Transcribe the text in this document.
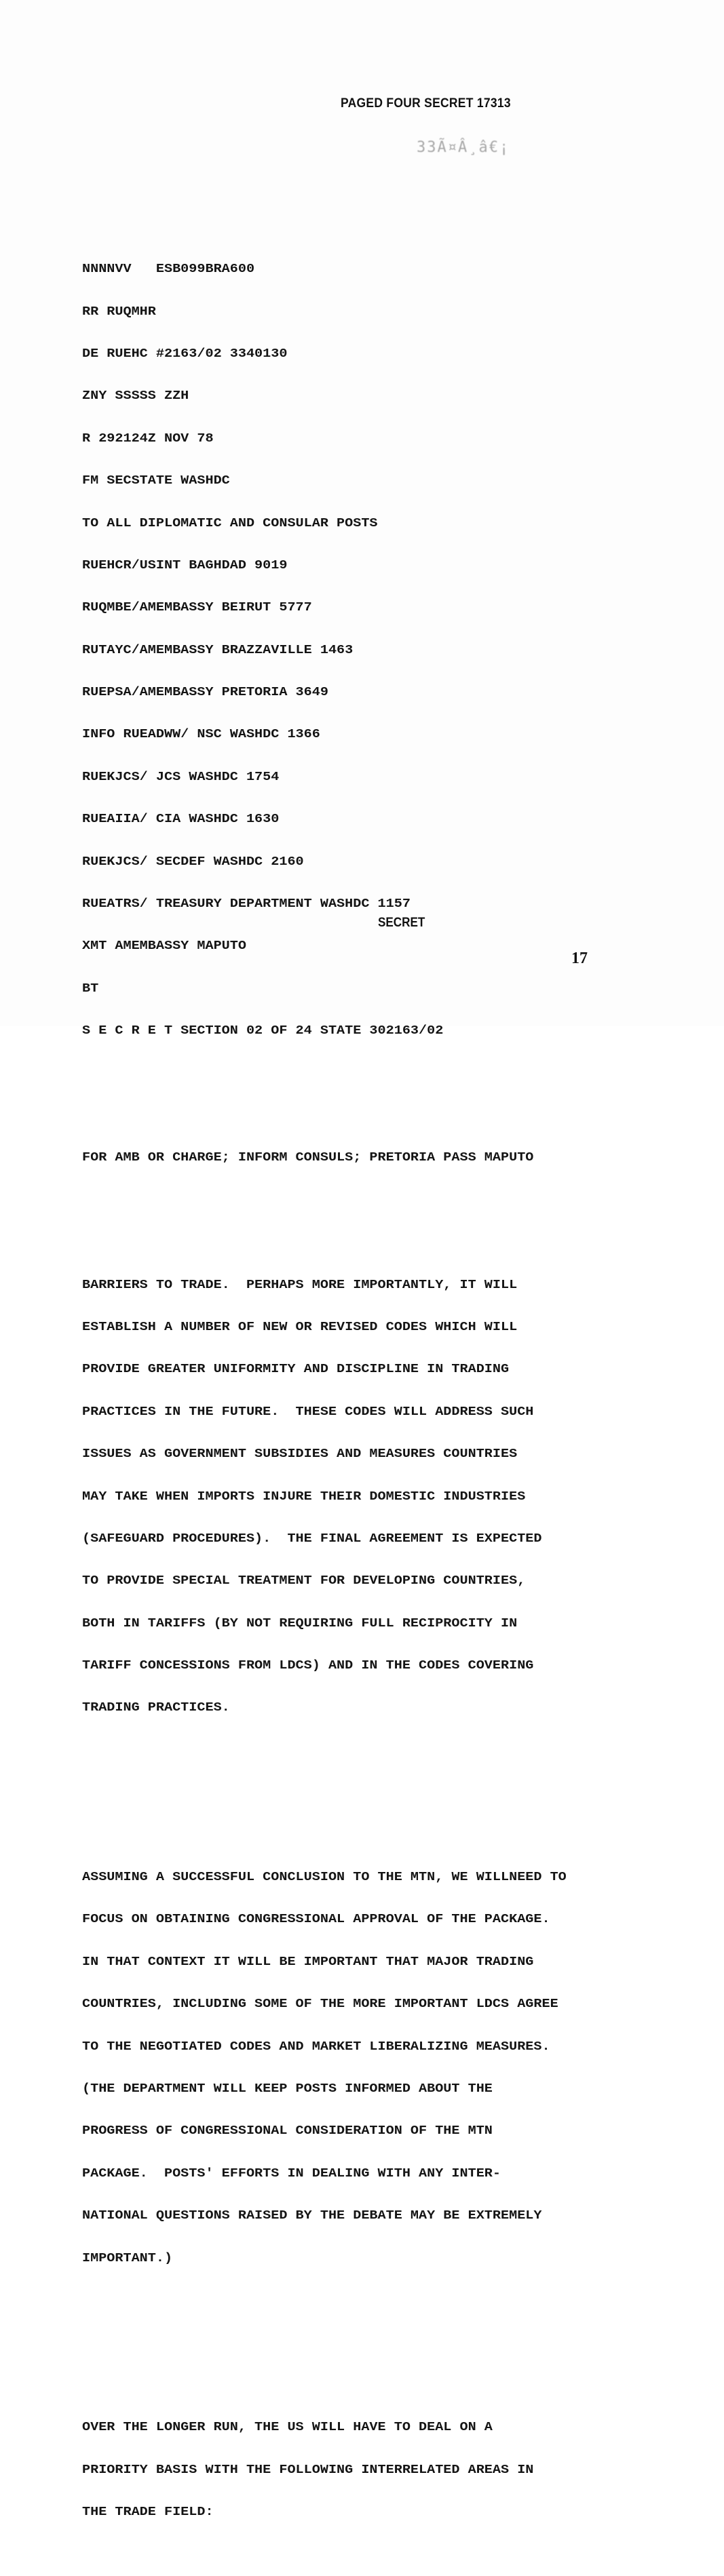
PAGED FOUR SECRET 17313
33Ã¤Â¸â€¡

NNNNVV   ESB099BRA600

RR RUQMHR

DE RUEHC #2163/02 3340130

ZNY SSSSS ZZH

R 292124Z NOV 78

FM SECSTATE WASHDC

TO ALL DIPLOMATIC AND CONSULAR POSTS

RUEHCR/USINT BAGHDAD 9019

RUQMBE/AMEMBASSY BEIRUT 5777

RUTAYC/AMEMBASSY BRAZZAVILLE 1463

RUEPSA/AMEMBASSY PRETORIA 3649

INFO RUEADWW/ NSC WASHDC 1366

RUEKJCS/ JCS WASHDC 1754

RUEAIIA/ CIA WASHDC 1630

RUEKJCS/ SECDEF WASHDC 2160

RUEATRS/ TREASURY DEPARTMENT WASHDC 1157

XMT AMEMBASSY MAPUTO

BT

S E C R E T SECTION 02 OF 24 STATE 302163/02

FOR AMB OR CHARGE; INFORM CONSULS; PRETORIA PASS MAPUTO

BARRIERS TO TRADE.  PERHAPS MORE IMPORTANTLY, IT WILL

ESTABLISH A NUMBER OF NEW OR REVISED CODES WHICH WILL

PROVIDE GREATER UNIFORMITY AND DISCIPLINE IN TRADING

PRACTICES IN THE FUTURE.  THESE CODES WILL ADDRESS SUCH

ISSUES AS GOVERNMENT SUBSIDIES AND MEASURES COUNTRIES

MAY TAKE WHEN IMPORTS INJURE THEIR DOMESTIC INDUSTRIES

(SAFEGUARD PROCEDURES).  THE FINAL AGREEMENT IS EXPECTED

TO PROVIDE SPECIAL TREATMENT FOR DEVELOPING COUNTRIES,

BOTH IN TARIFFS (BY NOT REQUIRING FULL RECIPROCITY IN

TARIFF CONCESSIONS FROM LDCS) AND IN THE CODES COVERING

TRADING PRACTICES.

ASSUMING A SUCCESSFUL CONCLUSION TO THE MTN, WE WILLNEED TO

FOCUS ON OBTAINING CONGRESSIONAL APPROVAL OF THE PACKAGE.

IN THAT CONTEXT IT WILL BE IMPORTANT THAT MAJOR TRADING

COUNTRIES, INCLUDING SOME OF THE MORE IMPORTANT LDCS AGREE

TO THE NEGOTIATED CODES AND MARKET LIBERALIZING MEASURES.

(THE DEPARTMENT WILL KEEP POSTS INFORMED ABOUT THE

PROGRESS OF CONGRESSIONAL CONSIDERATION OF THE MTN

PACKAGE.  POSTS' EFFORTS IN DEALING WITH ANY INTER-

NATIONAL QUESTIONS RAISED BY THE DEBATE MAY BE EXTREMELY

IMPORTANT.)

OVER THE LONGER RUN, THE US WILL HAVE TO DEAL ON A

PRIORITY BASIS WITH THE FOLLOWING INTERRELATED AREAS IN

THE TRADE FIELD:

SECRET
17
